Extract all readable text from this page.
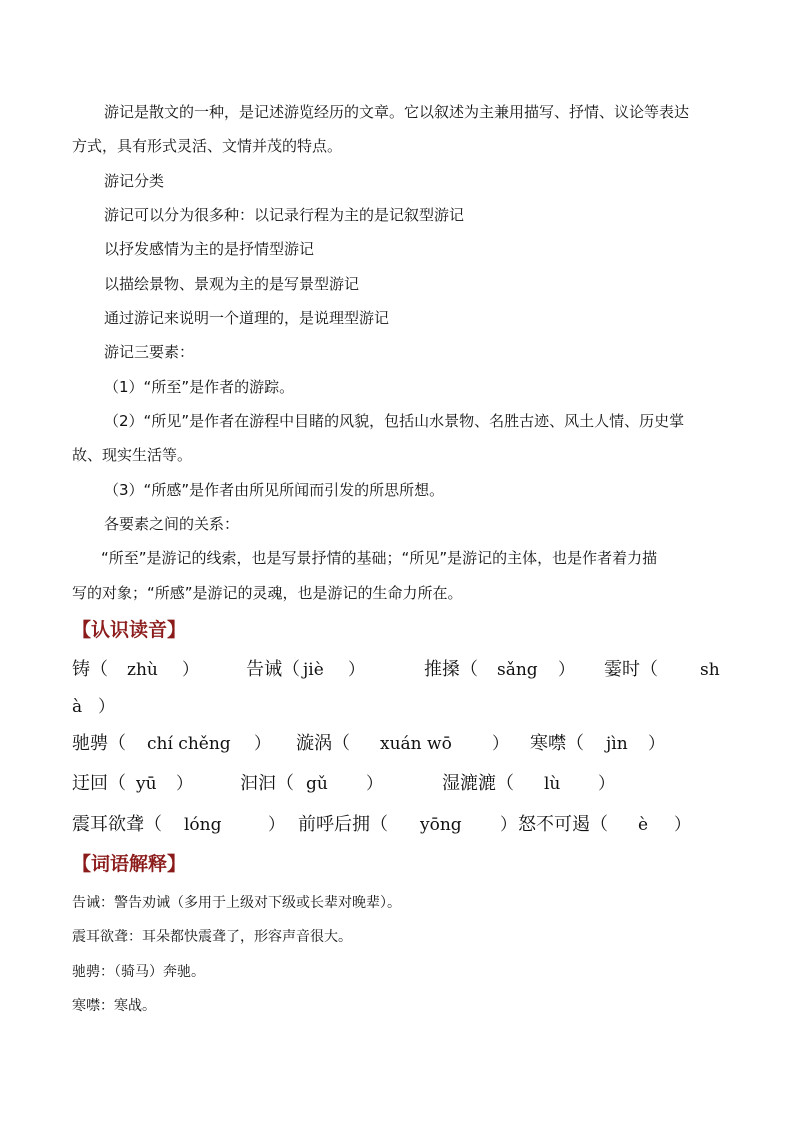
游记是散文的一种，是记述游览经历的文章。它以叙述为主兼用描写、抒情、议论等表达
方式，具有形式灵活、文情并茂的特点。
游记分类
游记可以分为很多种：以记录行程为主的是记叙型游记
以抒发感情为主的是抒情型游记
以描绘景物、景观为主的是写景型游记
通过游记来说明一个道理的，是说理型游记
游记三要素：
（1）“所至”是作者的游踪。
（2）“所见”是作者在游程中目睹的风貌，包括山水景物、名胜古迹、风土人情、历史掌
故、现实生活等。
（3）“所感”是作者由所见所闻而引发的所思所想。
各要素之间的关系：
“所至”是游记的线索，也是写景抒情的基础；“所见”是游记的主体，也是作者着力描
写的对象；“所感”是游记的灵魂，也是游记的生命力所在。
【认识读音】
铸（ zhù ）	告诫（ jiè ）	推搡（ sǎng ） 霎时（ sh
à ）
驰骋（ chí chěng ） 漩涡（ xuán wō ） 寒噤（ jìn ）
迂回（ yū ）	汩汩（ gǔ ）	湿漉漉（ lù ）
震耳欲聋（ lóng	） 前呼后拥（ yōng ） 怒不可遏（ è ）
【词语解释】
告诫：警告劝诫（多用于上级对下级或长辈对晚辈）。
震耳欲聋：耳朵都快震聋了，形容声音很大。
驰骋：（骑马）奔驰。
寒噤：寒战。
